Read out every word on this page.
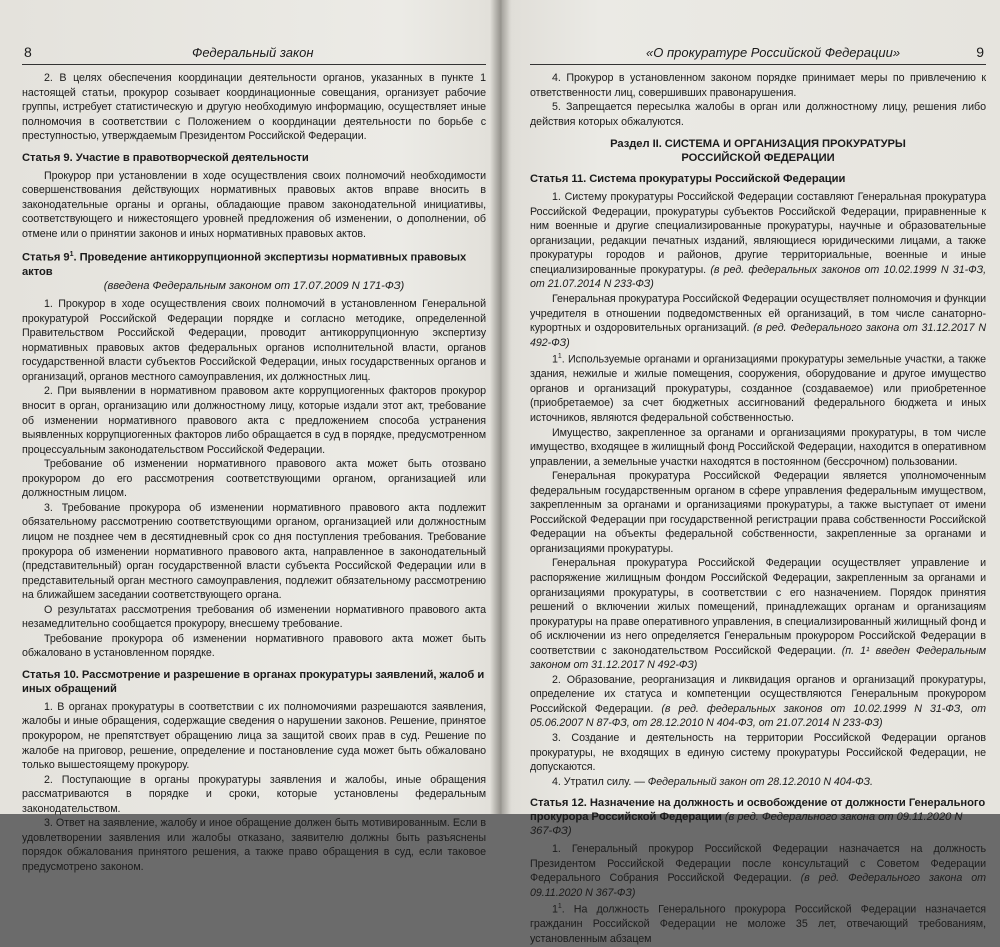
8	Федеральный закон

2. В целях обеспечения координации деятельности органов, указанных в пункте 1 настоящей статьи, прокурор созывает координационные совещания, организует рабочие группы, истребует статистическую и другую необходимую информацию, осуществляет иные полномочия в соответствии с Положением о координации деятельности по борьбе с преступностью, утверждаемым Президентом Российской Федерации.

Статья 9. Участие в правотворческой деятельности

Прокурор при установлении в ходе осуществления своих полномочий необходимости совершенствования действующих нормативных правовых актов вправе вносить в законодательные органы и органы, обладающие правом законодательной инициативы, соответствующего и нижестоящего уровней предложения об изменении, о дополнении, об отмене или о принятии законов и иных нормативных правовых актов.

Статья $9^1$. Проведение антикоррупционной экспертизы нормативных правовых актов
(введена Федеральным законом от 17.07.2009 N 171-ФЗ)

1. Прокурор в ходе осуществления своих полномочий в установленном Генеральной прокуратурой Российской Федерации порядке и согласно методике, определенной Правительством Российской Федерации, проводит антикоррупционную экспертизу нормативных правовых актов федеральных органов исполнительной власти, органов государственной власти субъектов Российской Федерации, иных государственных органов и организаций, органов местного самоуправления, их должностных лиц.

2. При выявлении в нормативном правовом акте коррупциогенных факторов прокурор вносит в орган, организацию или должностному лицу, которые издали этот акт, требование об изменении нормативного правового акта с предложением способа устранения выявленных коррупциогенных факторов либо обращается в суд в порядке, предусмотренном процессуальным законодательством Российской Федерации.

Требование об изменении нормативного правового акта может быть отозвано прокурором до его рассмотрения соответствующими органом, организацией или должностным лицом.

3. Требование прокурора об изменении нормативного правового акта подлежит обязательному рассмотрению соответствующими органом, организацией или должностным лицом не позднее чем в десятидневный срок со дня поступления требования. Требование прокурора об изменении нормативного правового акта, направленное в законодательный (представительный) орган государственной власти субъекта Российской Федерации или в представительный орган местного самоуправления, подлежит обязательному рассмотрению на ближайшем заседании соответствующего органа.

О результатах рассмотрения требования об изменении нормативного правового акта незамедлительно сообщается прокурору, внесшему требование.

Требование прокурора об изменении нормативного правового акта может быть обжаловано в установленном порядке.

Статья 10. Рассмотрение и разрешение в органах прокуратуры заявлений, жалоб и иных обращений

1. В органах прокуратуры в соответствии с их полномочиями разрешаются заявления, жалобы и иные обращения, содержащие сведения о нарушении законов. Решение, принятое прокурором, не препятствует обращению лица за защитой своих прав в суд. Решение по жалобе на приговор, решение, определение и постановление суда может быть обжаловано только вышестоящему прокурору.

2. Поступающие в органы прокуратуры заявления и жалобы, иные обращения рассматриваются в порядке и сроки, которые установлены федеральным законодательством.

3. Ответ на заявление, жалобу и иное обращение должен быть мотивированным. Если в удовлетворении заявления или жалобы отказано, заявителю должны быть разъяснены порядок обжалования принятого решения, а также право обращения в суд, если таковое предусмотрено законом.

«О прокуратуре Российской Федерации»	9

4. Прокурор в установленном законом порядке принимает меры по привлечению к ответственности лиц, совершивших правонарушения.

5. Запрещается пересылка жалобы в орган или должностному лицу, решения либо действия которых обжалуются.

Раздел II. СИСТЕМА И ОРГАНИЗАЦИЯ ПРОКУРАТУРЫ
РОССИЙСКОЙ ФЕДЕРАЦИИ
Статья 11. Система прокуратуры Российской Федерации

1. Систему прокуратуры Российской Федерации составляют Генеральная прокуратура Российской Федерации, прокуратуры субъектов Российской Федерации, приравненные к ним военные и другие специализированные прокуратуры, научные и образовательные организации, редакции печатных изданий, являющиеся юридическими лицами, а также прокуратуры городов и районов, другие территориальные, военные и иные специализированные прокуратуры. (в ред. федеральных законов от 10.02.1999 N 31-ФЗ, от 21.07.2014 N 233-ФЗ)

Генеральная прокуратура Российской Федерации осуществляет полномочия и функции учредителя в отношении подведомственных ей организаций, в том числе санаторно-курортных и оздоровительных организаций. (в ред. Федерального закона от 31.12.2017 N 492-ФЗ)

$1^1$. Используемые органами и организациями прокуратуры земельные участки, а также здания, нежилые и жилые помещения, сооружения, оборудование и другое имущество органов и организаций прокуратуры, созданное (создаваемое) или приобретенное (приобретаемое) за счет бюджетных ассигнований федерального бюджета и иных источников, являются федеральной собственностью.

Имущество, закрепленное за органами и организациями прокуратуры, в том числе имущество, входящее в жилищный фонд Российской Федерации, находится в оперативном управлении, а земельные участки находятся в постоянном (бессрочном) пользовании.

Генеральная прокуратура Российской Федерации является уполномоченным федеральным государственным органом в сфере управления федеральным имуществом, закрепленным за органами и организациями прокуратуры, а также выступает от имени Российской Федерации при государственной регистрации права собственности Российской Федерации на объекты федеральной собственности, закрепленные за органами и организациями прокуратуры.

Генеральная прокуратура Российской Федерации осуществляет управление и распоряжение жилищным фондом Российской Федерации, закрепленным за органами и организациями прокуратуры, в соответствии с его назначением. Порядок принятия решений о включении жилых помещений, принадлежащих органам и организациям прокуратуры на праве оперативного управления, в специализированный жилищный фонд и об исключении из него определяется Генеральным прокурором Российской Федерации в соответствии с законодательством Российской Федерации. (п. 1¹ введен Федеральным законом от 31.12.2017 N 492-ФЗ)

2. Образование, реорганизация и ликвидация органов и организаций прокуратуры, определение их статуса и компетенции осуществляются Генеральным прокурором Российской Федерации. (в ред. федеральных законов от 10.02.1999 N 31-ФЗ, от 05.06.2007 N 87-ФЗ, от 28.12.2010 N 404-ФЗ, от 21.07.2014 N 233-ФЗ)

3. Создание и деятельность на территории Российской Федерации органов прокуратуры, не входящих в единую систему прокуратуры Российской Федерации, не допускаются.

4. Утратил силу. — Федеральный закон от 28.12.2010 N 404-ФЗ.

Статья 12. Назначение на должность и освобождение от должности Генерального прокурора Российской Федерации (в ред. Федерального закона от 09.11.2020 N 367-ФЗ)

1. Генеральный прокурор Российской Федерации назначается на должность Президентом Российской Федерации после консультаций с Советом Федерации Федерального Собрания Российской Федерации. (в ред. Федерального закона от 09.11.2020 N 367-ФЗ)

$1^1$. На должность Генерального прокурора Российской Федерации назначается гражданин Российской Федерации не моложе 35 лет, отвечающий требованиям, установленным абзацем
